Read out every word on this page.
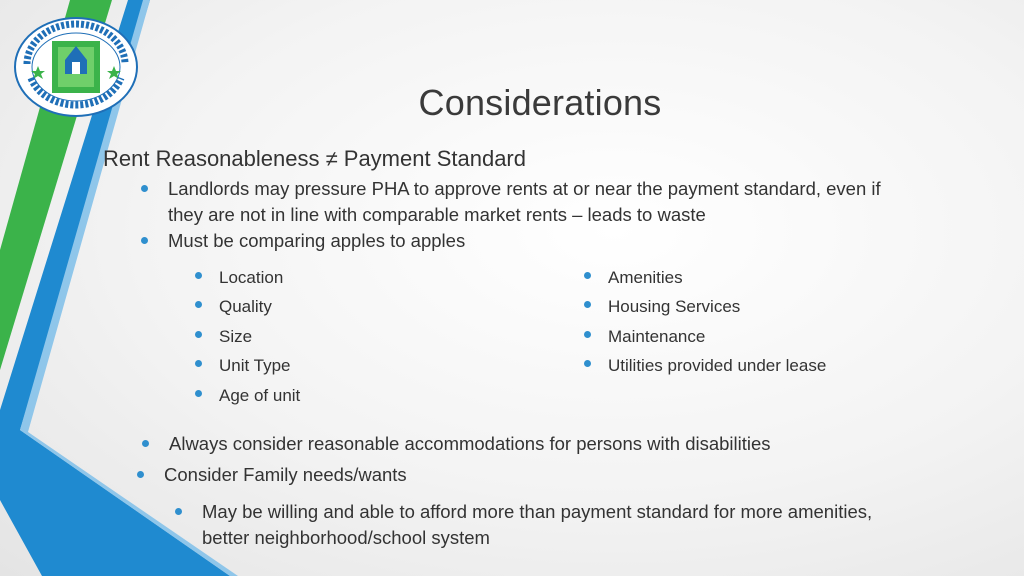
Considerations
Rent Reasonableness ≠ Payment Standard
Landlords may pressure PHA to approve rents at or near the payment standard, even if
they are not in line with comparable market rents – leads to waste
Must be comparing apples to apples
Location
Quality
Size
Unit Type
Age of unit
Amenities
Housing Services
Maintenance
Utilities provided under lease
Always consider reasonable accommodations for persons with disabilities
Consider Family needs/wants
May be willing and able to afford more than payment standard for more amenities,
better neighborhood/school system
